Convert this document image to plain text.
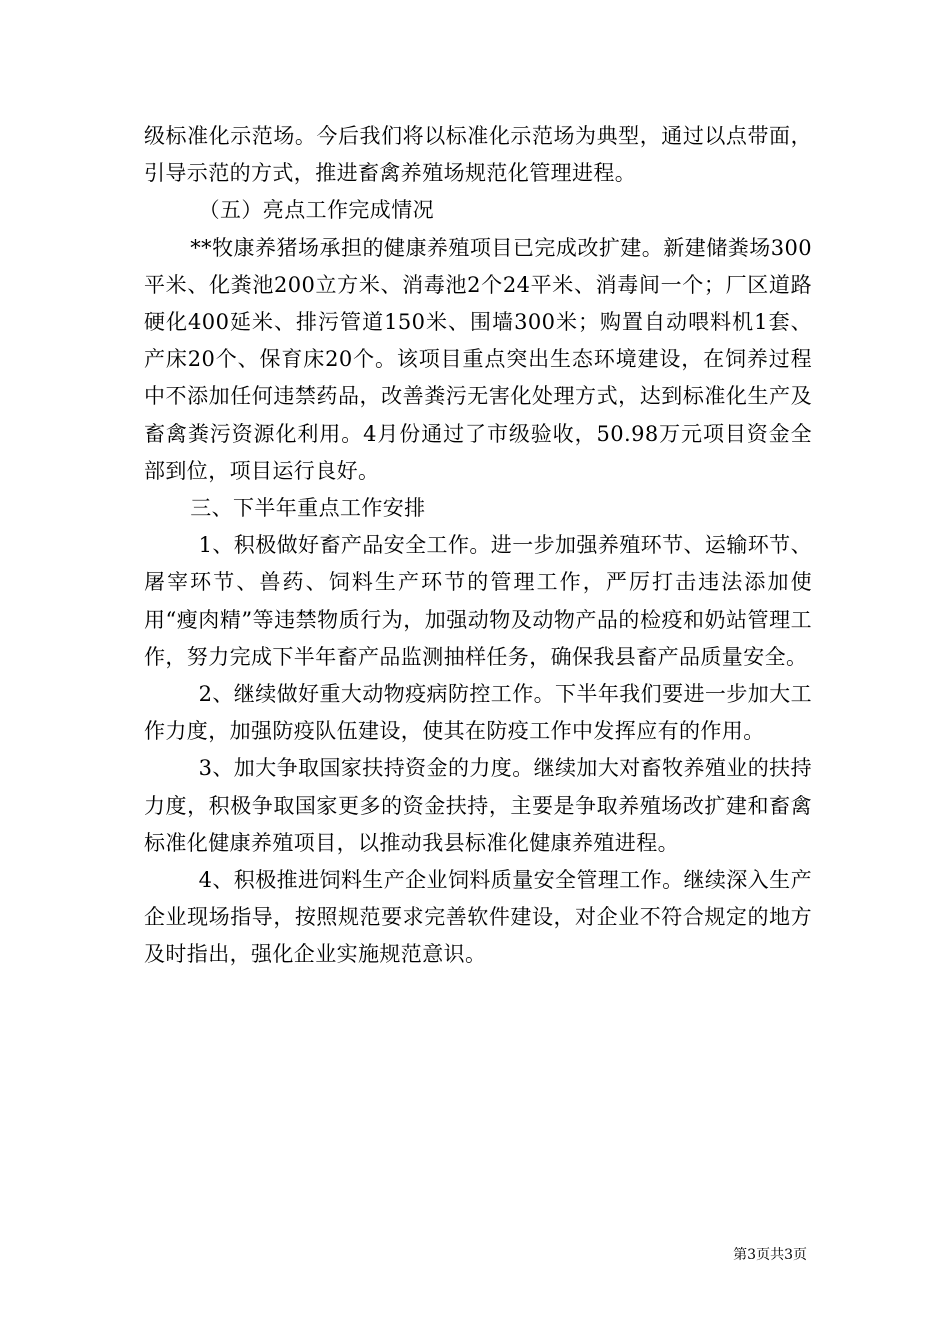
级标准化示范场。今后我们将以标准化示范场为典型，通过以点带面，引导示范的方式，推进畜禽养殖场规范化管理进程。

（五）亮点工作完成情况

**牧康养猪场承担的健康养殖项目已完成改扩建。新建储粪场300平米、化粪池200立方米、消毒池2个24平米、消毒间一个；厂区道路硬化400延米、排污管道150米、围墙300米；购置自动喂料机1套、产床20个、保育床20个。该项目重点突出生态环境建设，在饲养过程中不添加任何违禁药品，改善粪污无害化处理方式，达到标准化生产及畜禽粪污资源化利用。4月份通过了市级验收，50.98万元项目资金全部到位，项目运行良好。

三、下半年重点工作安排

1、积极做好畜产品安全工作。进一步加强养殖环节、运输环节、屠宰环节、兽药、饲料生产环节的管理工作，严厉打击违法添加使用“瘦肉精”等违禁物质行为，加强动物及动物产品的检疫和奶站管理工作，努力完成下半年畜产品监测抽样任务，确保我县畜产品质量安全。

2、继续做好重大动物疫病防控工作。下半年我们要进一步加大工作力度，加强防疫队伍建设，使其在防疫工作中发挥应有的作用。

3、加大争取国家扶持资金的力度。继续加大对畜牧养殖业的扶持力度，积极争取国家更多的资金扶持，主要是争取养殖场改扩建和畜禽标准化健康养殖项目，以推动我县标准化健康养殖进程。

4、积极推进饲料生产企业饲料质量安全管理工作。继续深入生产企业现场指导，按照规范要求完善软件建设，对企业不符合规定的地方及时指出，强化企业实施规范意识。

第3页共3页
